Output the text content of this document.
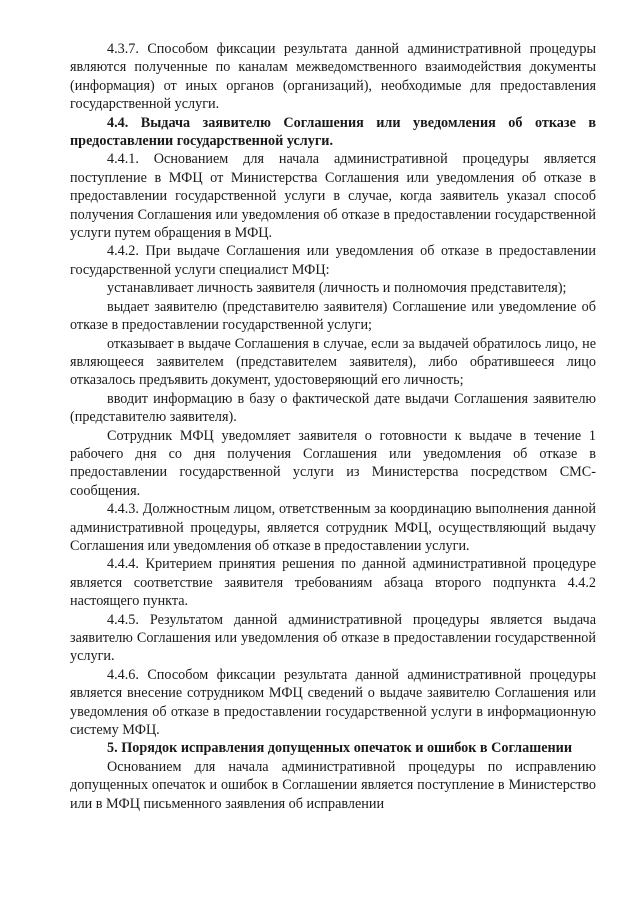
4.3.7. Способом фиксации результата данной административной процедуры являются полученные по каналам межведомственного взаимодействия документы (информация) от иных органов (организаций), необходимые для предоставления государственной услуги.

4.4. Выдача заявителю Соглашения или уведомления об отказе в предоставлении государственной услуги.

4.4.1. Основанием для начала административной процедуры является поступление в МФЦ от Министерства Соглашения или уведомления об отказе в предоставлении государственной услуги в случае, когда заявитель указал способ получения Соглашения или уведомления об отказе в предоставлении государственной услуги путем обращения в МФЦ.

4.4.2. При выдаче Соглашения или уведомления об отказе в предоставлении государственной услуги специалист МФЦ:

устанавливает личность заявителя (личность и полномочия представителя);

выдает заявителю (представителю заявителя) Соглашение или уведомление об отказе в предоставлении государственной услуги;

отказывает в выдаче Соглашения в случае, если за выдачей обратилось лицо, не являющееся заявителем (представителем заявителя), либо обратившееся лицо отказалось предъявить документ, удостоверяющий его личность;

вводит информацию в базу о фактической дате выдачи Соглашения заявителю (представителю заявителя).

Сотрудник МФЦ уведомляет заявителя о готовности к выдаче в течение 1 рабочего дня со дня получения Соглашения или уведомления об отказе в предоставлении государственной услуги из Министерства посредством СМС-сообщения.

4.4.3. Должностным лицом, ответственным за координацию выполнения данной административной процедуры, является сотрудник МФЦ, осуществляющий выдачу Соглашения или уведомления об отказе в предоставлении услуги.

4.4.4. Критерием принятия решения по данной административной процедуре является соответствие заявителя требованиям абзаца второго подпункта 4.4.2 настоящего пункта.

4.4.5. Результатом данной административной процедуры является выдача заявителю Соглашения или уведомления об отказе в предоставлении государственной услуги.

4.4.6. Способом фиксации результата данной административной процедуры является внесение сотрудником МФЦ сведений о выдаче заявителю Соглашения или уведомления об отказе в предоставлении государственной услуги в информационную систему МФЦ.

5. Порядок исправления допущенных опечаток и ошибок в Соглашении

Основанием для начала административной процедуры по исправлению допущенных опечаток и ошибок в Соглашении является поступление в Министерство или в МФЦ письменного заявления об исправлении
